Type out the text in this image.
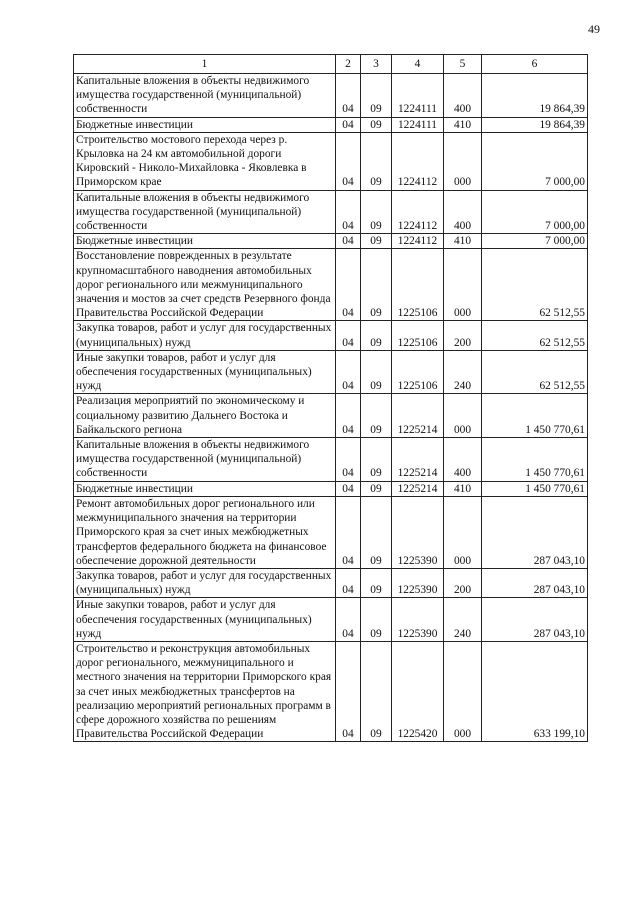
49
1	2	3	4	5	6
Капитальные вложения в объекты недвижимого имущества государственной (муниципальной) собственности	04	09	1224111	400	19 864,39
Бюджетные инвестиции	04	09	1224111	410	19 864,39
Строительство мостового перехода через р. Крыловка на 24 км автомобильной дороги Кировский - Николо-Михайловка - Яковлевка в Приморском крае	04	09	1224112	000	7 000,00
Капитальные вложения в объекты недвижимого имущества государственной (муниципальной) собственности	04	09	1224112	400	7 000,00
Бюджетные инвестиции	04	09	1224112	410	7 000,00
Восстановление поврежденных в результате крупномасштабного наводнения автомобильных дорог регионального или межмуниципального значения и мостов за счет средств Резервного фонда Правительства Российской Федерации	04	09	1225106	000	62 512,55
Закупка товаров, работ и услуг для государственных (муниципальных) нужд	04	09	1225106	200	62 512,55
Иные закупки товаров, работ и услуг для обеспечения государственных (муниципальных) нужд	04	09	1225106	240	62 512,55
Реализация мероприятий по экономическому и социальному развитию Дальнего Востока и Байкальского региона	04	09	1225214	000	1 450 770,61
Капитальные вложения в объекты недвижимого имущества государственной (муниципальной) собственности	04	09	1225214	400	1 450 770,61
Бюджетные инвестиции	04	09	1225214	410	1 450 770,61
Ремонт автомобильных дорог регионального или межмуниципального значения на территории Приморского края за счет иных межбюджетных трансфертов федерального бюджета на финансовое обеспечение дорожной деятельности	04	09	1225390	000	287 043,10
Закупка товаров, работ и услуг для государственных (муниципальных) нужд	04	09	1225390	200	287 043,10
Иные закупки товаров, работ и услуг для обеспечения государственных (муниципальных) нужд	04	09	1225390	240	287 043,10
Строительство и реконструкция автомобильных дорог регионального, межмуниципального и местного значения на территории Приморского края за счет иных межбюджетных трансфертов на реализацию мероприятий региональных программ в сфере дорожного хозяйства по решениям Правительства Российской Федерации	04	09	1225420	000	633 199,10
